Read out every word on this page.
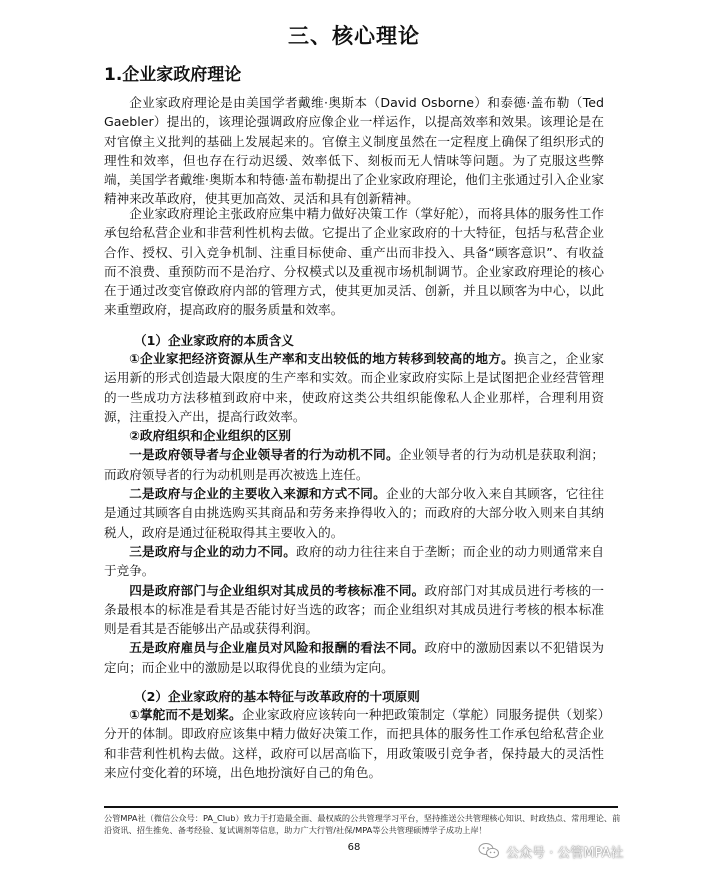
三、核心理论
1.企业家政府理论
企业家政府理论是由美国学者戴维·奥斯本（David Osborne）和泰德·盖布勒（Ted Gaebler）提出的，该理论强调政府应像企业一样运作，以提高效率和效果。该理论是在对官僚主义批判的基础上发展起来的。官僚主义制度虽然在一定程度上确保了组织形式的理性和效率，但也存在行动迟缓、效率低下、刻板而无人情味等问题。为了克服这些弊端，美国学者戴维·奥斯本和特德·盖布勒提出了企业家政府理论，他们主张通过引入企业家精神来改革政府，使其更加高效、灵活和具有创新精神。
企业家政府理论主张政府应集中精力做好决策工作（掌好舵），而将具体的服务性工作承包给私营企业和非营利性机构去做。它提出了企业家政府的十大特征，包括与私营企业合作、授权、引入竞争机制、注重目标使命、重产出而非投入、具备“顾客意识”、有收益而不浪费、重预防而不是治疗、分权模式以及重视市场机制调节。企业家政府理论的核心在于通过改变官僚政府内部的管理方式，使其更加灵活、创新，并且以顾客为中心，以此来重塑政府，提高政府的服务质量和效率。
（1）企业家政府的本质含义

①企业家把经济资源从生产率和支出较低的地方转移到较高的地方。换言之，企业家运用新的形式创造最大限度的生产率和实效。而企业家政府实际上是试图把企业经营管理的一些成功方法移植到政府中来，使政府这类公共组织能像私人企业那样，合理利用资源，注重投入产出，提高行政效率。

②政府组织和企业组织的区别

一是政府领导者与企业领导者的行为动机不同。企业领导者的行为动机是获取利润；而政府领导者的行为动机则是再次被选上连任。

二是政府与企业的主要收入来源和方式不同。企业的大部分收入来自其顾客，它往往是通过其顾客自由挑选购买其商品和劳务来挣得收入的；而政府的大部分收入则来自其纳税人，政府是通过征税取得其主要收入的。

三是政府与企业的动力不同。政府的动力往往来自于垄断；而企业的动力则通常来自于竞争。

四是政府部门与企业组织对其成员的考核标准不同。政府部门对其成员进行考核的一条最根本的标准是看其是否能讨好当选的政客；而企业组织对其成员进行考核的根本标准则是看其是否能够出产品或获得利润。

五是政府雇员与企业雇员对风险和报酬的看法不同。政府中的激励因素以不犯错误为定向；而企业中的激励是以取得优良的业绩为定向。

（2）企业家政府的基本特征与改革政府的十项原则

①掌舵而不是划桨。企业家政府应该转向一种把政策制定（掌舵）同服务提供（划桨）分开的体制。即政府应该集中精力做好决策工作，而把具体的服务性工作承包给私营企业和非营利性机构去做。这样，政府可以居高临下，用政策吸引竞争者，保持最大的灵活性来应付变化着的环境，出色地扮演好自己的角色。

公管MPA社（微信公众号：PA_Club）致力于打造最全面、最权威的公共管理学习平台，坚持推送公共管理核心知识、时政热点、常用理论、前沿资讯、招生推免、备考经验、复试调剂等信息，助力广大行管/社保/MPA等公共管理硕博学子成功上岸！
68	公众号 · 公管MPA社
